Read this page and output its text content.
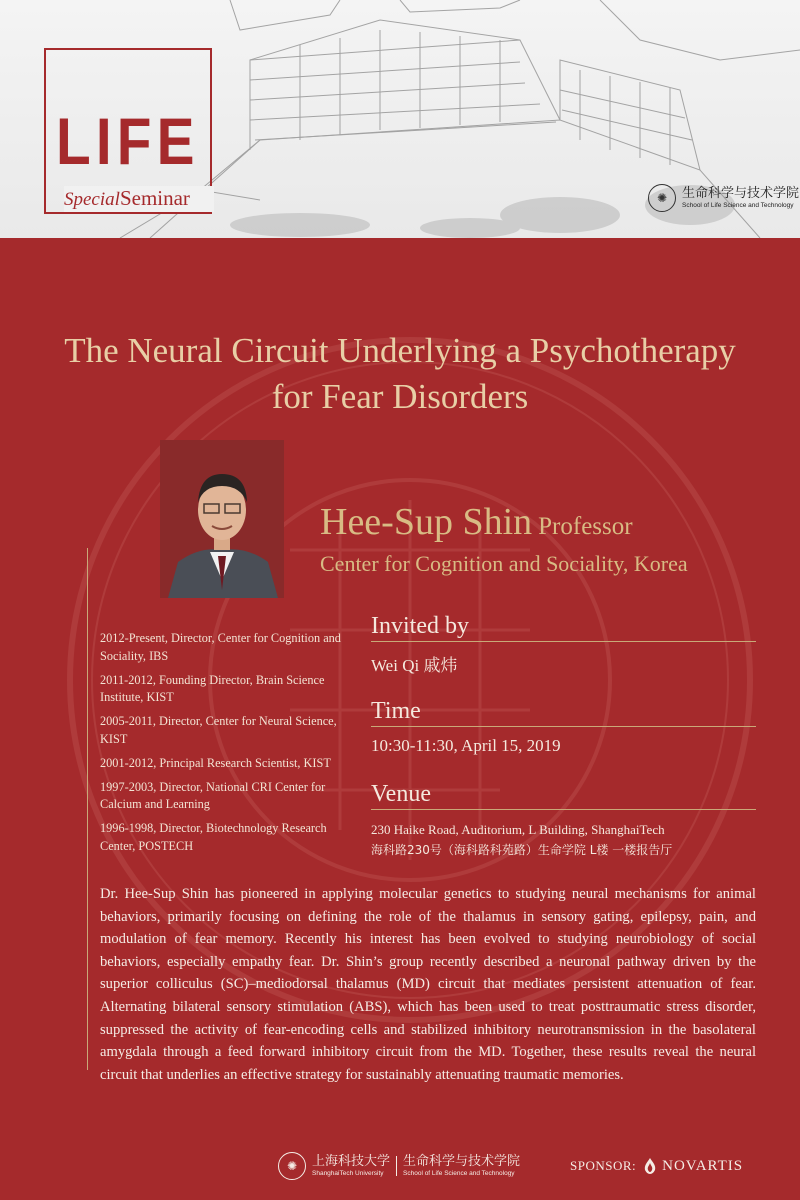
LIFE
SpecialSeminar	✺	生命科学与技术学院
School of Life Science and Technology
The Neural Circuit Underlying a Psychotherapy
for Fear Disorders
Hee-Sup Shin Professor
Center for Cognition and Sociality, Korea
2012-Present, Director, Center for Cognition and Sociality, IBS
2011-2012, Founding Director, Brain Science Institute, KIST
2005-2011, Director, Center for Neural Science, KIST
2001-2012, Principal Research Scientist, KIST
1997-2003, Director, National CRI Center for Calcium and Learning
1996-1998, Director, Biotechnology Research Center, POSTECH
Invited by
Wei Qi 戚炜
Time
10:30-11:30, April 15, 2019
Venue
230 Haike Road, Auditorium, L Building, ShanghaiTech
海科路230号（海科路科苑路）生命学院 L楼 一楼报告厅
Dr. Hee-Sup Shin has pioneered in applying molecular genetics to studying neural mechanisms for animal behaviors, primarily focusing on defining the role of the thalamus in sensory gating, epilepsy, pain, and modulation of fear memory. Recently his interest has been evolved to studying neurobiology of social behaviors, especially empathy fear. Dr. Shin’s group recently described a neuronal pathway driven by the superior colliculus (SC)–mediodorsal thalamus (MD) circuit that mediates persistent attenuation of fear. Alternating bilateral sensory stimulation (ABS), which has been used to treat posttraumatic stress disorder, suppressed the activity of fear-encoding cells and stabilized inhibitory neurotransmission in the basolateral amygdala through a feed forward inhibitory circuit from the MD. Together, these results reveal the neural circuit that underlies an effective strategy for sustainably attenuating traumatic memories.
✺	上海科技大学
ShanghaiTech University
生命科学与技术学院
School of Life Science and Technology
SPONSOR: NOVARTIS
